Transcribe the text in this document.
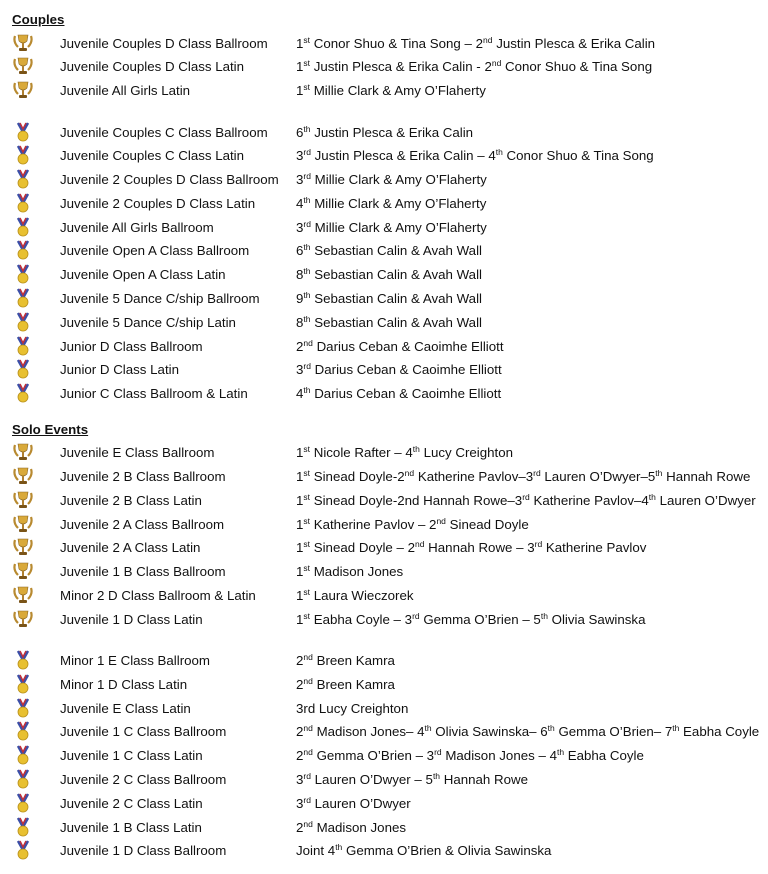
Couples
Juvenile Couples D Class Ballroom 1st Conor Shuo & Tina Song – 2nd Justin Plesca & Erika Calin
Juvenile Couples D Class Latin	1st Justin Plesca & Erika Calin - 2nd Conor Shuo & Tina Song
Juvenile All Girls Latin	1st Millie Clark & Amy O’Flaherty
Juvenile Couples C Class Ballroom 6th Justin Plesca & Erika Calin
Juvenile Couples C Class Latin	3rd Justin Plesca & Erika Calin – 4th Conor Shuo & Tina Song
Juvenile 2 Couples D Class Ballroom 3rd Millie Clark & Amy O’Flaherty
Juvenile 2 Couples D Class Latin	4th Millie Clark & Amy O’Flaherty
Juvenile All Girls Ballroom	3rd Millie Clark & Amy O’Flaherty
Juvenile Open A Class Ballroom	6th Sebastian Calin & Avah Wall
Juvenile Open A Class Latin	8th Sebastian Calin & Avah Wall
Juvenile 5 Dance C/ship Ballroom	9th Sebastian Calin & Avah Wall
Juvenile 5 Dance C/ship Latin	8th Sebastian Calin & Avah Wall
Junior D Class Ballroom	2nd Darius Ceban & Caoimhe Elliott
Junior D Class Latin	3rd Darius Ceban & Caoimhe Elliott
Junior C Class Ballroom & Latin	4th Darius Ceban & Caoimhe Elliott
Solo Events
Juvenile E Class Ballroom	1st Nicole Rafter – 4th Lucy Creighton
Juvenile 2 B Class Ballroom	1st Sinead Doyle-2nd Katherine Pavlov–3rd Lauren O’Dwyer–5th Hannah Rowe
Juvenile 2 B Class Latin	1st Sinead Doyle-2nd Hannah Rowe–3rd Katherine Pavlov–4th Lauren O’Dwyer
Juvenile 2 A Class Ballroom	1st Katherine Pavlov – 2nd Sinead Doyle
Juvenile 2 A Class Latin	1st Sinead Doyle – 2nd Hannah Rowe – 3rd Katherine Pavlov
Juvenile 1 B Class Ballroom	1st Madison Jones
Minor 2 D Class Ballroom & Latin	1st Laura Wieczorek
Juvenile 1 D Class Latin	1st Eabha Coyle – 3rd Gemma O’Brien – 5th Olivia Sawinska
Minor 1 E Class Ballroom	2nd Breen Kamra
Minor 1 D Class Latin	2nd Breen Kamra
Juvenile E Class Latin	3rd Lucy Creighton
Juvenile 1 C Class Ballroom	2nd Madison Jones– 4th Olivia Sawinska– 6th Gemma O’Brien– 7th Eabha Coyle
Juvenile 1 C Class Latin	2nd Gemma O’Brien – 3rd Madison Jones – 4th Eabha Coyle
Juvenile 2 C Class Ballroom	3rd Lauren O’Dwyer – 5th Hannah Rowe
Juvenile 2 C Class Latin	3rd Lauren O’Dwyer
Juvenile 1 B Class Latin	2nd Madison Jones
Juvenile 1 D Class Ballroom	Joint 4th Gemma O’Brien & Olivia Sawinska
